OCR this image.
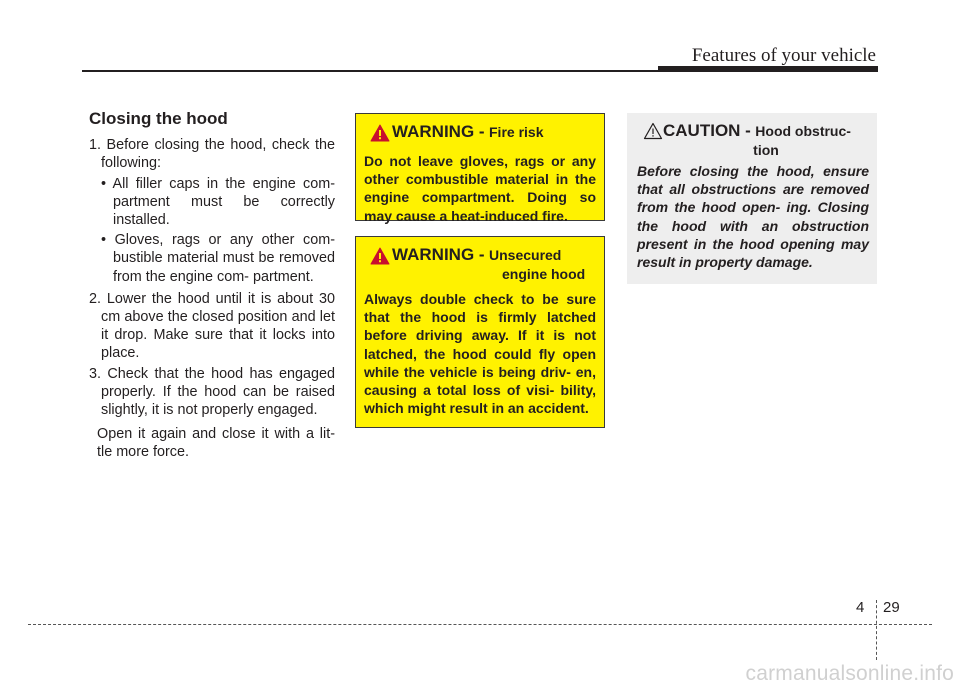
Features of your vehicle
Closing the hood

1. Before closing the hood, check the following:

• All filler caps in the engine com- partment must be correctly installed.

• Gloves, rags or any other com- bustible material must be removed from the engine com- partment.

2. Lower the hood until it is about 30 cm above the closed position and let it drop. Make sure that it locks into place.

3. Check that the hood has engaged properly. If the hood can be raised slightly, it is not properly engaged.

Open it again and close it with a lit- tle more force.

WARNING - Fire risk

Do not leave gloves, rags or any other combustible material in the engine compartment. Doing so may cause a heat-induced fire.

WARNING - Unsecured
engine hood

Always double check to be sure that the hood is firmly latched before driving away. If it is not latched, the hood could fly open while the vehicle is being driv- en, causing a total loss of visi- bility, which might result in an accident.

CAUTION - Hood obstruc-
tion

Before closing the hood, ensure that all obstructions are removed from the hood open- ing. Closing the hood with an obstruction present in the hood opening may result in property damage.

4 29
carmanualsonline.info
